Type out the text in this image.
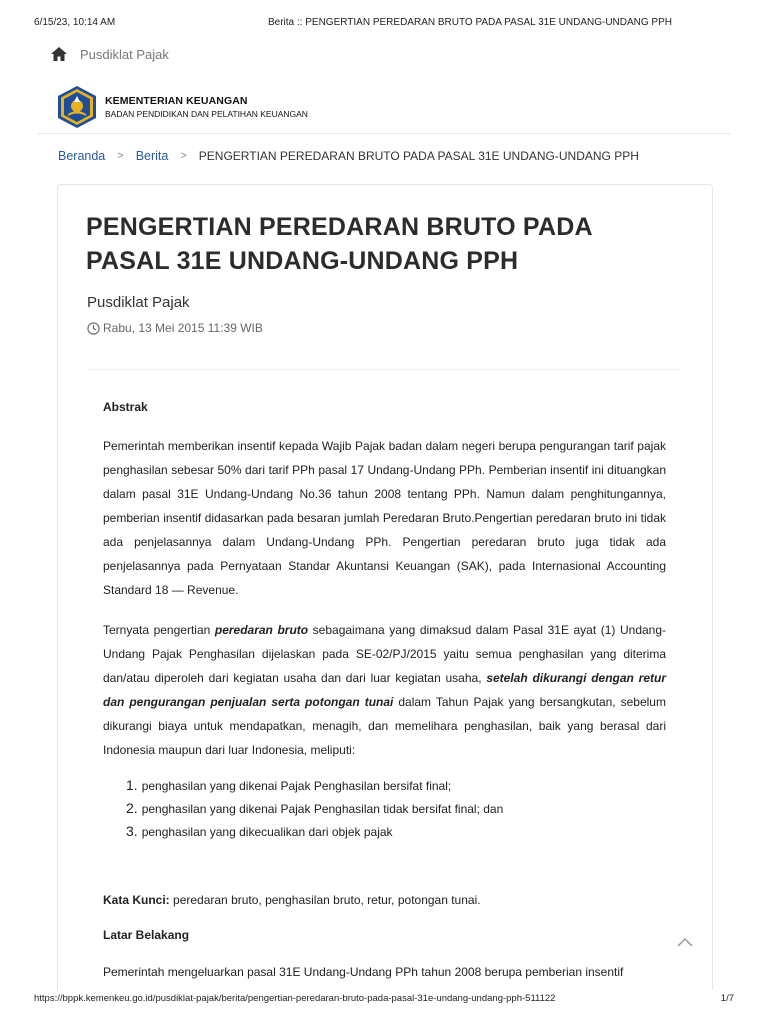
6/15/23, 10:14 AM	Berita :: PENGERTIAN PEREDARAN BRUTO PADA PASAL 31E UNDANG-UNDANG PPH
Pusdiklat Pajak
KEMENTERIAN KEUANGAN
BADAN PENDIDIKAN DAN PELATIHAN KEUANGAN
Beranda > Berita > PENGERTIAN PEREDARAN BRUTO PADA PASAL 31E UNDANG-UNDANG PPH
PENGERTIAN PEREDARAN BRUTO PADA PASAL 31E UNDANG-UNDANG PPH
Pusdiklat Pajak
Rabu, 13 Mei 2015 11:39 WIB
Abstrak

Pemerintah memberikan insentif kepada Wajib Pajak badan dalam negeri berupa pengurangan tarif pajak penghasilan sebesar 50% dari tarif PPh pasal 17 Undang-Undang PPh. Pemberian insentif ini dituangkan dalam pasal 31E Undang-Undang No.36 tahun 2008 tentang PPh. Namun dalam penghitungannya, pemberian insentif didasarkan pada besaran jumlah Peredaran Bruto.Pengertian peredaran bruto ini tidak ada penjelasannya dalam Undang-Undang PPh. Pengertian peredaran bruto juga tidak ada penjelasannya pada Pernyataan Standar Akuntansi Keuangan (SAK), pada Internasional Accounting Standard 18 — Revenue.

Ternyata pengertian peredaran bruto sebagaimana yang dimaksud dalam Pasal 31E ayat (1) Undang-Undang Pajak Penghasilan dijelaskan pada SE-02/PJ/2015 yaitu semua penghasilan yang diterima dan/atau diperoleh dari kegiatan usaha dan dari luar kegiatan usaha, setelah dikurangi dengan retur dan pengurangan penjualan serta potongan tunai dalam Tahun Pajak yang bersangkutan, sebelum dikurangi biaya untuk mendapatkan, menagih, dan memelihara penghasilan, baik yang berasal dari Indonesia maupun dari luar Indonesia, meliputi:

1. penghasilan yang dikenai Pajak Penghasilan bersifat final;
2. penghasilan yang dikenai Pajak Penghasilan tidak bersifat final; dan
3. penghasilan yang dikecualikan dari objek pajak

Kata Kunci: peredaran bruto, penghasilan bruto, retur, potongan tunai.

Latar Belakang

Pemerintah mengeluarkan pasal 31E Undang-Undang PPh tahun 2008 berupa pemberian insentif

https://bppk.kemenkeu.go.id/pusdiklat-pajak/berita/pengertian-peredaran-bruto-pada-pasal-31e-undang-undang-pph-511122	1/7
